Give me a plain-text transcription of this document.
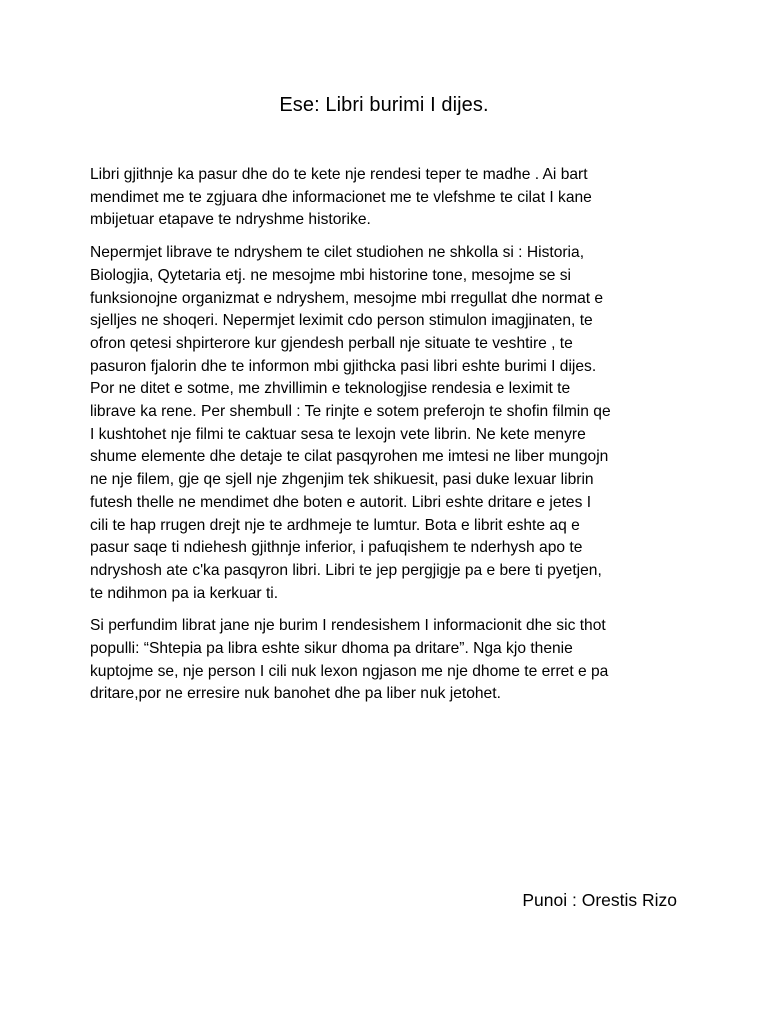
Ese: Libri burimi I dijes.

Libri gjithnje ka pasur dhe do te kete nje rendesi teper te madhe . Ai bart
mendimet me te zgjuara dhe informacionet me te vlefshme te cilat I kane
mbijetuar etapave te ndryshme historike.

Nepermjet librave te ndryshem te cilet studiohen ne shkolla si : Historia,
Biologjia, Qytetaria etj. ne mesojme mbi historine tone, mesojme se si
funksionojne organizmat e ndryshem, mesojme mbi rregullat dhe normat e
sjelljes ne shoqeri. Nepermjet leximit cdo person stimulon imagjinaten, te
ofron qetesi shpirterore kur gjendesh perball nje situate te veshtire , te
pasuron fjalorin dhe te informon mbi gjithcka pasi libri eshte burimi I dijes.
Por ne ditet e sotme, me zhvillimin e teknologjise rendesia e leximit te
librave ka rene. Per shembull : Te rinjte e sotem preferojn te shofin filmin qe
I kushtohet nje filmi te caktuar sesa te lexojn vete librin. Ne kete menyre
shume elemente dhe detaje te cilat pasqyrohen me imtesi ne liber mungojn
ne nje filem, gje qe sjell nje zhgenjim tek shikuesit, pasi duke lexuar librin
futesh thelle ne mendimet dhe boten e autorit. Libri eshte dritare e jetes I
cili te hap rrugen drejt nje te ardhmeje te lumtur. Bota e librit eshte aq e
pasur saqe ti ndiehesh gjithnje inferior, i pafuqishem te nderhysh apo te
ndryshosh ate c'ka pasqyron libri. Libri te jep pergjigje pa e bere ti pyetjen,
te ndihmon pa ia kerkuar ti.

Si perfundim librat jane nje burim I rendesishem I informacionit dhe sic thot
populli: “Shtepia pa libra eshte sikur dhoma pa dritare”. Nga kjo thenie
kuptojme se, nje person I cili nuk lexon ngjason me nje dhome te erret e pa
dritare,por ne erresire nuk banohet dhe pa liber nuk jetohet.

Punoi : Orestis Rizo
